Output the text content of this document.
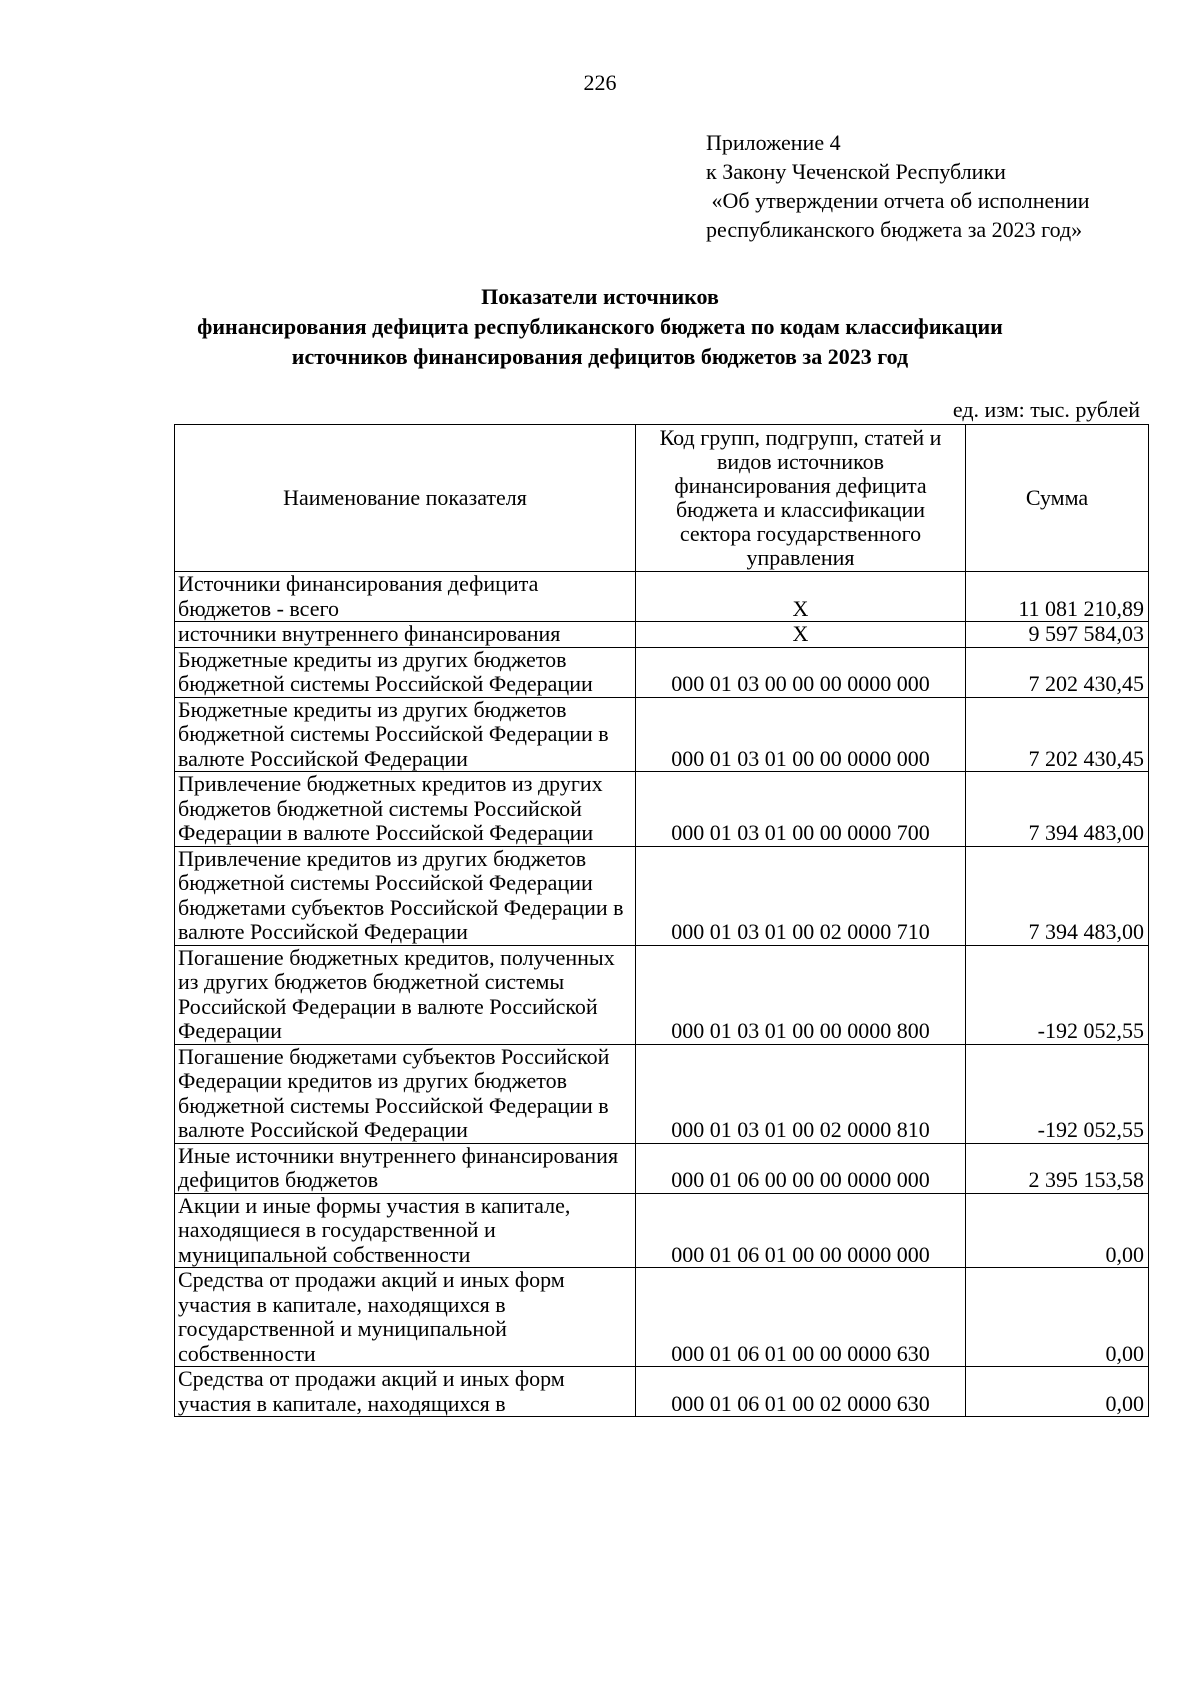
226
Приложение 4
к Закону Чеченской Республики
«Об утверждении отчета об исполнении
республиканского бюджета за 2023 год»
Показатели источников
финансирования дефицита республиканского бюджета по кодам классификации
источников финансирования дефицитов бюджетов за 2023 год
ед. изм: тыс. рублей
Наименование показателя	Код групп, подгрупп, статей и видов источников финансирования дефицита бюджета и классификации сектора государственного управления	Сумма
Источники финансирования дефицита бюджетов - всего	X	11 081 210,89
источники внутреннего финансирования	X	9 597 584,03
Бюджетные кредиты из других бюджетов бюджетной системы Российской Федерации	000 01 03 00 00 00 0000 000	7 202 430,45
Бюджетные кредиты из других бюджетов бюджетной системы Российской Федерации в валюте Российской Федерации	000 01 03 01 00 00 0000 000	7 202 430,45
Привлечение бюджетных кредитов из других бюджетов бюджетной системы Российской Федерации в валюте Российской Федерации	000 01 03 01 00 00 0000 700	7 394 483,00
Привлечение кредитов из других бюджетов бюджетной системы Российской Федерации бюджетами субъектов Российской Федерации в валюте Российской Федерации	000 01 03 01 00 02 0000 710	7 394 483,00
Погашение бюджетных кредитов, полученных из других бюджетов бюджетной системы Российской Федерации в валюте Российской Федерации	000 01 03 01 00 00 0000 800	-192 052,55
Погашение бюджетами субъектов Российской Федерации кредитов из других бюджетов бюджетной системы Российской Федерации в валюте Российской Федерации	000 01 03 01 00 02 0000 810	-192 052,55
Иные источники внутреннего финансирования дефицитов бюджетов	000 01 06 00 00 00 0000 000	2 395 153,58
Акции и иные формы участия в капитале, находящиеся в государственной и муниципальной собственности	000 01 06 01 00 00 0000 000	0,00
Средства от продажи акций и иных форм участия в капитале, находящихся в государственной и муниципальной собственности	000 01 06 01 00 00 0000 630	0,00
Средства от продажи акций и иных форм участия в капитале, находящихся в	000 01 06 01 00 02 0000 630	0,00
